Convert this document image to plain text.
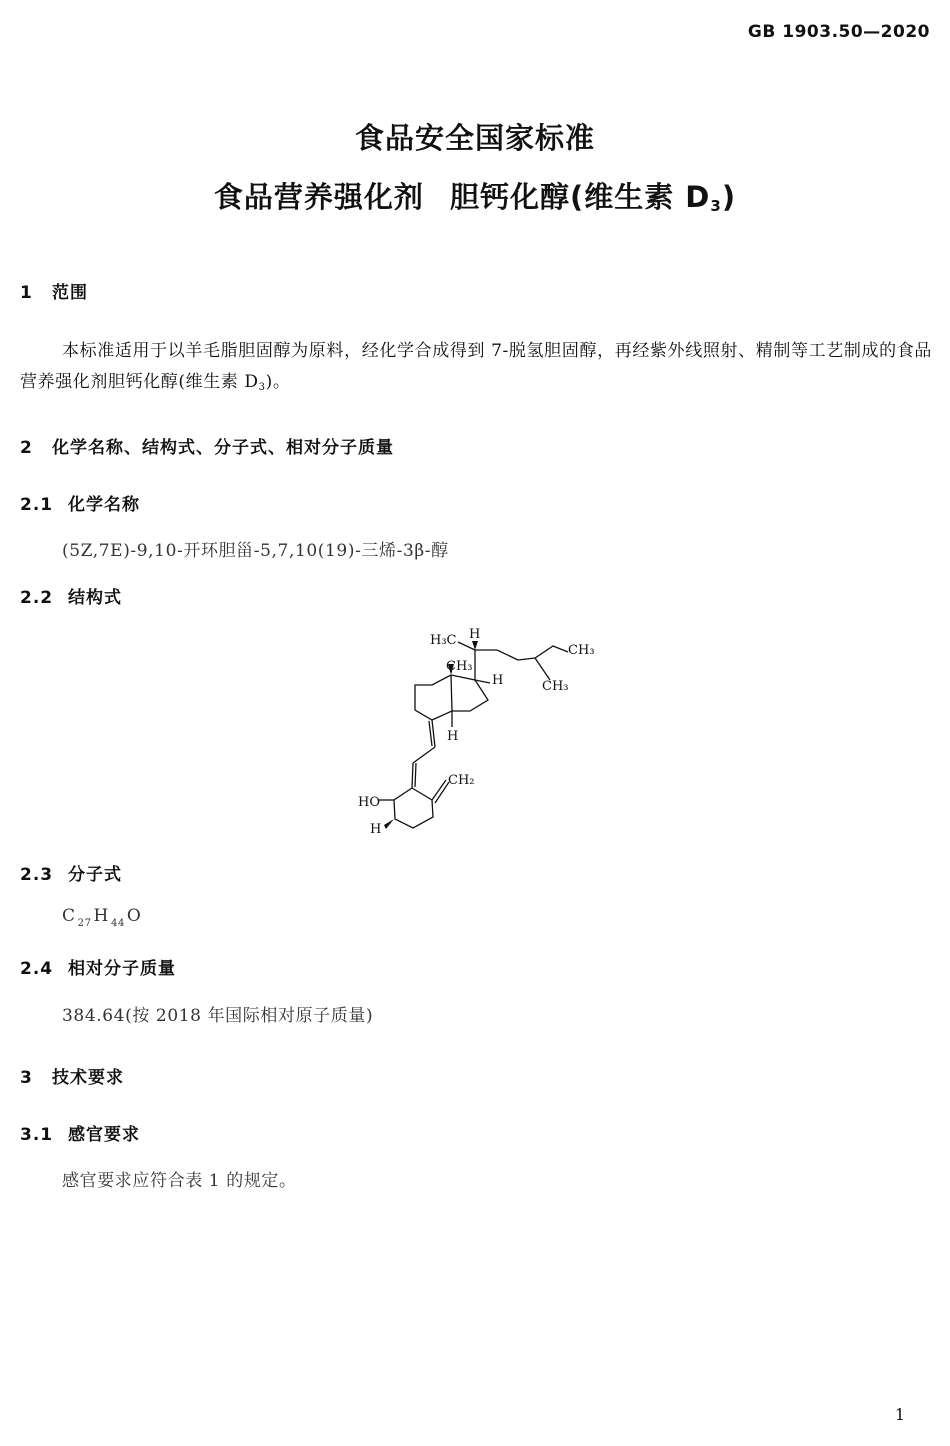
GB 1903.50—2020
食品安全国家标准
食品营养强化剂 胆钙化醇(维生素 $D_3$)
1 范围
本标准适用于以羊毛脂胆固醇为原料，经化学合成得到 7-脱氢胆固醇，再经紫外线照射、精制等工艺制成的食品营养强化剂胆钙化醇(维生素 $D_3$)。
2 化学名称、结构式、分子式、相对分子质量
2.1 化学名称
(5Z,7E)-9,10-开环胆甾-5,7,10(19)-三烯-3β-醇
2.2 结构式
H₃C H
CH₃
CH₃
CH₃
H
H
CH₂
HO
H
2.3 分子式
C $_{27}$ H $_{44}$ O
2.4 相对分子质量
384.64(按 2018 年国际相对原子质量)
3 技术要求
3.1 感官要求
感官要求应符合表 1 的规定。
1
